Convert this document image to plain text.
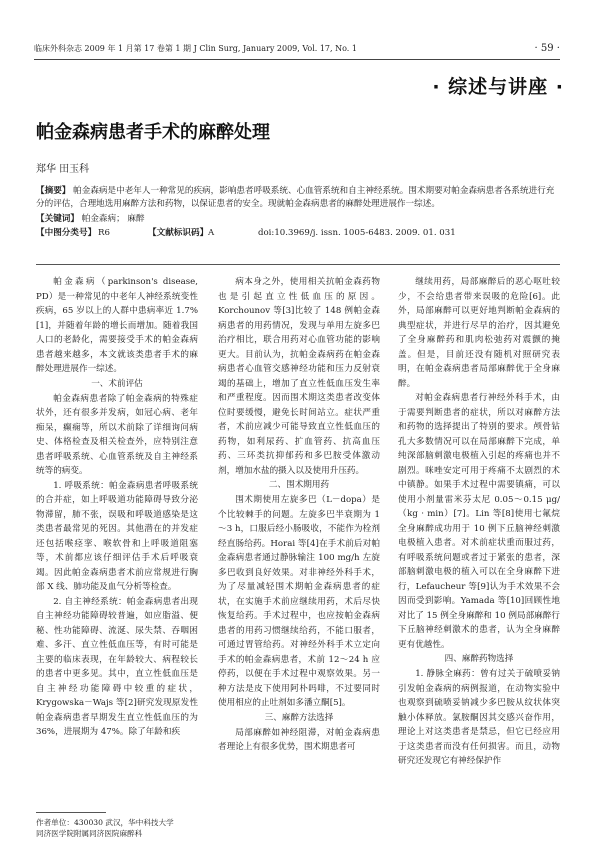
临床外科杂志 2009 年 1 月第 17 卷第 1 期 J Clin Surg, January 2009, Vol. 17, No. 1	· 59 ·
· 综述与讲座 ·
帕金森病患者手术的麻醉处理
郑华 田玉科
【摘要】 帕金森病是中老年人一种常见的疾病，影响患者呼吸系统、心血管系统和自主神经系统。围术期要对帕金森病患者各系统进行充分的评估，合理地选用麻醉方法和药物，以保证患者的安全。现就帕金森病患者的麻醉处理进展作一综述。
【关键词】 帕金森病； 麻醉
【中图分类号】 R6	【文献标识码】 A	doi:10.3969/j. issn. 1005-6483. 2009. 01. 031

帕金森病（parkinson's disease, PD）是一种常见的中老年人神经系统变性疾病，65 岁以上的人群中患病率近 1.7%[1]，并随着年龄的增长而增加。随着我国人口的老龄化，需要接受手术的帕金森病患者越来越多，本文就该类患者手术的麻醉处理进展作一综述。

一、术前评估

帕金森病患者除了帕金森病的特殊症状外，还有很多并发病，如冠心病、老年痴呆，癫痫等，所以术前除了详细询问病史、体格检查及相关检查外，应特别注意患者呼吸系统、心血管系统及自主神经系统等的病变。

1. 呼吸系统：帕金森病患者呼吸系统的合并症，如上呼吸道功能障碍导致分泌物滞留，肺不张，误吸和呼吸道感染是这类患者最常见的死因。其他潜在的并发症还包括喉痉挛、喉软骨和上呼吸道阻塞等，术前都应该仔细评估手术后呼吸衰竭。因此帕金森病患者术前应常规进行胸部 X 线、肺功能及血气分析等检查。

2. 自主神经系统：帕金森病患者出现自主神经功能障碍较普遍，如应脂溢、便秘、性功能障碍、流涎、尿失禁、吞咽困难、多汗、直立性低血压等，有时可能是主要的临床表现，在年龄较大、病程较长的患者中更多见。其中，直立性低血压是自主神经功能障碍中较重的症状，Krygowska－Wajs 等[2]研究发现原发性帕金森病患者早期发生直立性低血压的为 36%，进展期为 47%。除了年龄和疾

病本身之外，使用相关抗帕金森药物也是引起直立性低血压的原因。Korchounov 等[3]比较了 148 例帕金森病患者的用药情况，发现与单用左旋多巴治疗相比，联合用药对心血管功能的影响更大。目前认为，抗帕金森病药在帕金森病患者心血管交感神经功能和压力反射衰竭的基础上，增加了直立性低血压发生率和严重程度。因而围术期这类患者改变体位时要缓慢，避免长时间站立。症状严重者，术前应减少可能导致直立性低血压的药物，如利尿药、扩血管药、抗高血压药、三环类抗抑郁药和多巴胺受体激动剂，增加水盐的摄入以及使用升压药。

二、围术期用药

围术期使用左旋多巴（L－dopa）是个比较棘手的问题。左旋多巴半衰期为 1～3 h，口服后经小肠吸收，不能作为栓剂经直肠给药。Horai 等[4]在手术前后对帕金森病患者通过静脉输注 100 mg/h 左旋多巴收到良好效果。对非神经外科手术，为了尽量减轻围术期帕金森病患者的症状，在实施手术前应继续用药，术后尽快恢复给药。手术过程中，也应按帕金森病患者的用药习惯继续给药，不能口服者，可通过胃管给药。对神经外科手术立定向手术的帕金森病患者，术前 12～24 h 应停药，以便在手术过程中观察效果。另一种方法是皮下使用阿朴吗啡，不过要同时使用相应的止吐剂如多潘立酮[5]。

三、麻醉方法选择

局部麻醉如神经阻滞，对帕金森病患者理论上有很多优势，围术期患者可

继续用药，局部麻醉后的恶心呕吐较少，不会给患者带来误吸的危险[6]。此外，局部麻醉可以更好地判断帕金森病的典型症状，并进行尽早的治疗，因其避免了全身麻醉药和肌肉松弛药对震颤的掩盖。但是，目前还没有随机对照研究表明，在帕金森病患者局部麻醉优于全身麻醉。

对帕金森病患者行神经外科手术，由于需要判断患者的症状，所以对麻醉方法和药物的选择提出了特别的要求。颅骨钻孔大多数情况可以在局部麻醉下完成，单纯深部脑刺激电极植入引起的疼痛也并不剧烈。咪唑安定可用于疼痛不太剧烈的术中镇静。如果手术过程中需要镇痛，可以使用小剂量雷米芬太尼 0.05～0.15 μg/（kg · min）[7]。Lin 等[8]使用七氟烷全身麻醉成功用于 10 例下丘脑神经刺激电极植入患者。对术前症状重而服过药，有呼吸系统问题或者过于紧张的患者，深部脑刺激电极的植入可以在全身麻醉下进行，Lefaucheur 等[9]认为手术效果不会因而受到影响。Yamada 等[10]回顾性地对比了 15 例全身麻醉和 10 例局部麻醉行下丘脑神经刺激术的患者，认为全身麻醉更有优越性。

四、麻醉药物选择

1. 静脉全麻药：曾有过关于硫喷妥钠引发帕金森病的病例报道，在动物实验中也观察到硫喷妥钠减少多巴胺从纹状体突触小体释放。氯胺酮因其交感兴奋作用，理论上对这类患者是禁忌，但它已经应用于这类患者而没有任何损害。而且，动物研究还发现它有神经保护作

作者单位：430030 武汉，华中科技大学
同济医学院附属同济医院麻醉科
